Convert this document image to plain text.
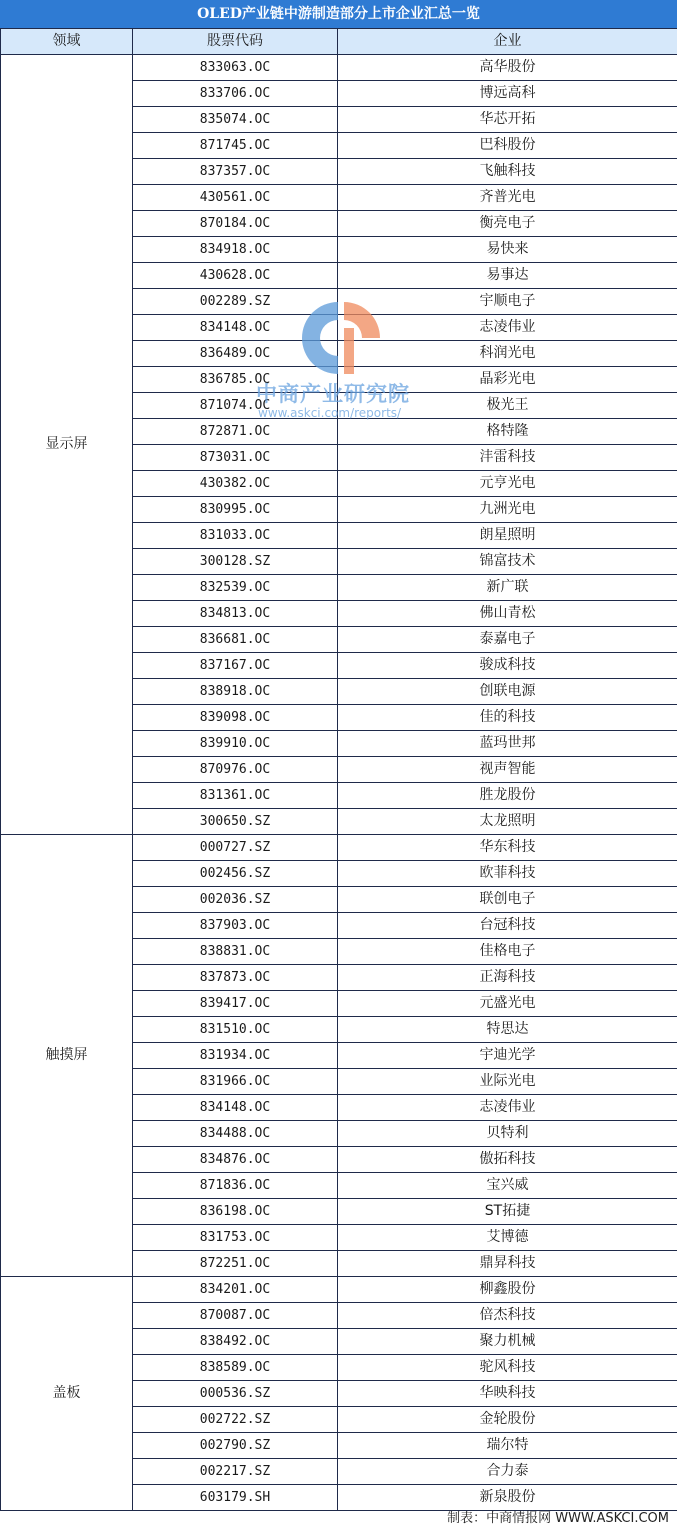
OLED产业链中游制造部分上市企业汇总一览
领域	股票代码	企业
显示屏	833063.OC	高华股份
	833706.OC	博远高科
	835074.OC	华芯开拓
	871745.OC	巴科股份
	837357.OC	飞触科技
	430561.OC	齐普光电
	870184.OC	衡亮电子
	834918.OC	易快来
	430628.OC	易事达
	002289.SZ	宇顺电子
	834148.OC	志凌伟业
	836489.OC	科润光电
	836785.OC	晶彩光电
	871074.OC	极光王
	872871.OC	格特隆
	873031.OC	沣雷科技
	430382.OC	元亨光电
	830995.OC	九洲光电
	831033.OC	朗星照明
	300128.SZ	锦富技术
	832539.OC	新广联
	834813.OC	佛山青松
	836681.OC	泰嘉电子
	837167.OC	骏成科技
	838918.OC	创联电源
	839098.OC	佳的科技
	839910.OC	蓝玛世邦
	870976.OC	视声智能
	831361.OC	胜龙股份
	300650.SZ	太龙照明
触摸屏	000727.SZ	华东科技
	002456.SZ	欧菲科技
	002036.SZ	联创电子
	837903.OC	台冠科技
	838831.OC	佳格电子
	837873.OC	正海科技
	839417.OC	元盛光电
	831510.OC	特思达
	831934.OC	宇迪光学
	831966.OC	业际光电
	834148.OC	志凌伟业
	834488.OC	贝特利
	834876.OC	傲拓科技
	871836.OC	宝兴威
	836198.OC	ST拓捷
	831753.OC	艾博德
	872251.OC	鼎昇科技
盖板	834201.OC	柳鑫股份
	870087.OC	倍杰科技
	838492.OC	聚力机械
	838589.OC	驼风科技
	000536.SZ	华映科技
	002722.SZ	金轮股份
	002790.SZ	瑞尔特
	002217.SZ	合力泰
	603179.SH	新泉股份
中商产业研究院
www.askci.com/reports/
制表：中商情报网 WWW.ASKCI.COM
